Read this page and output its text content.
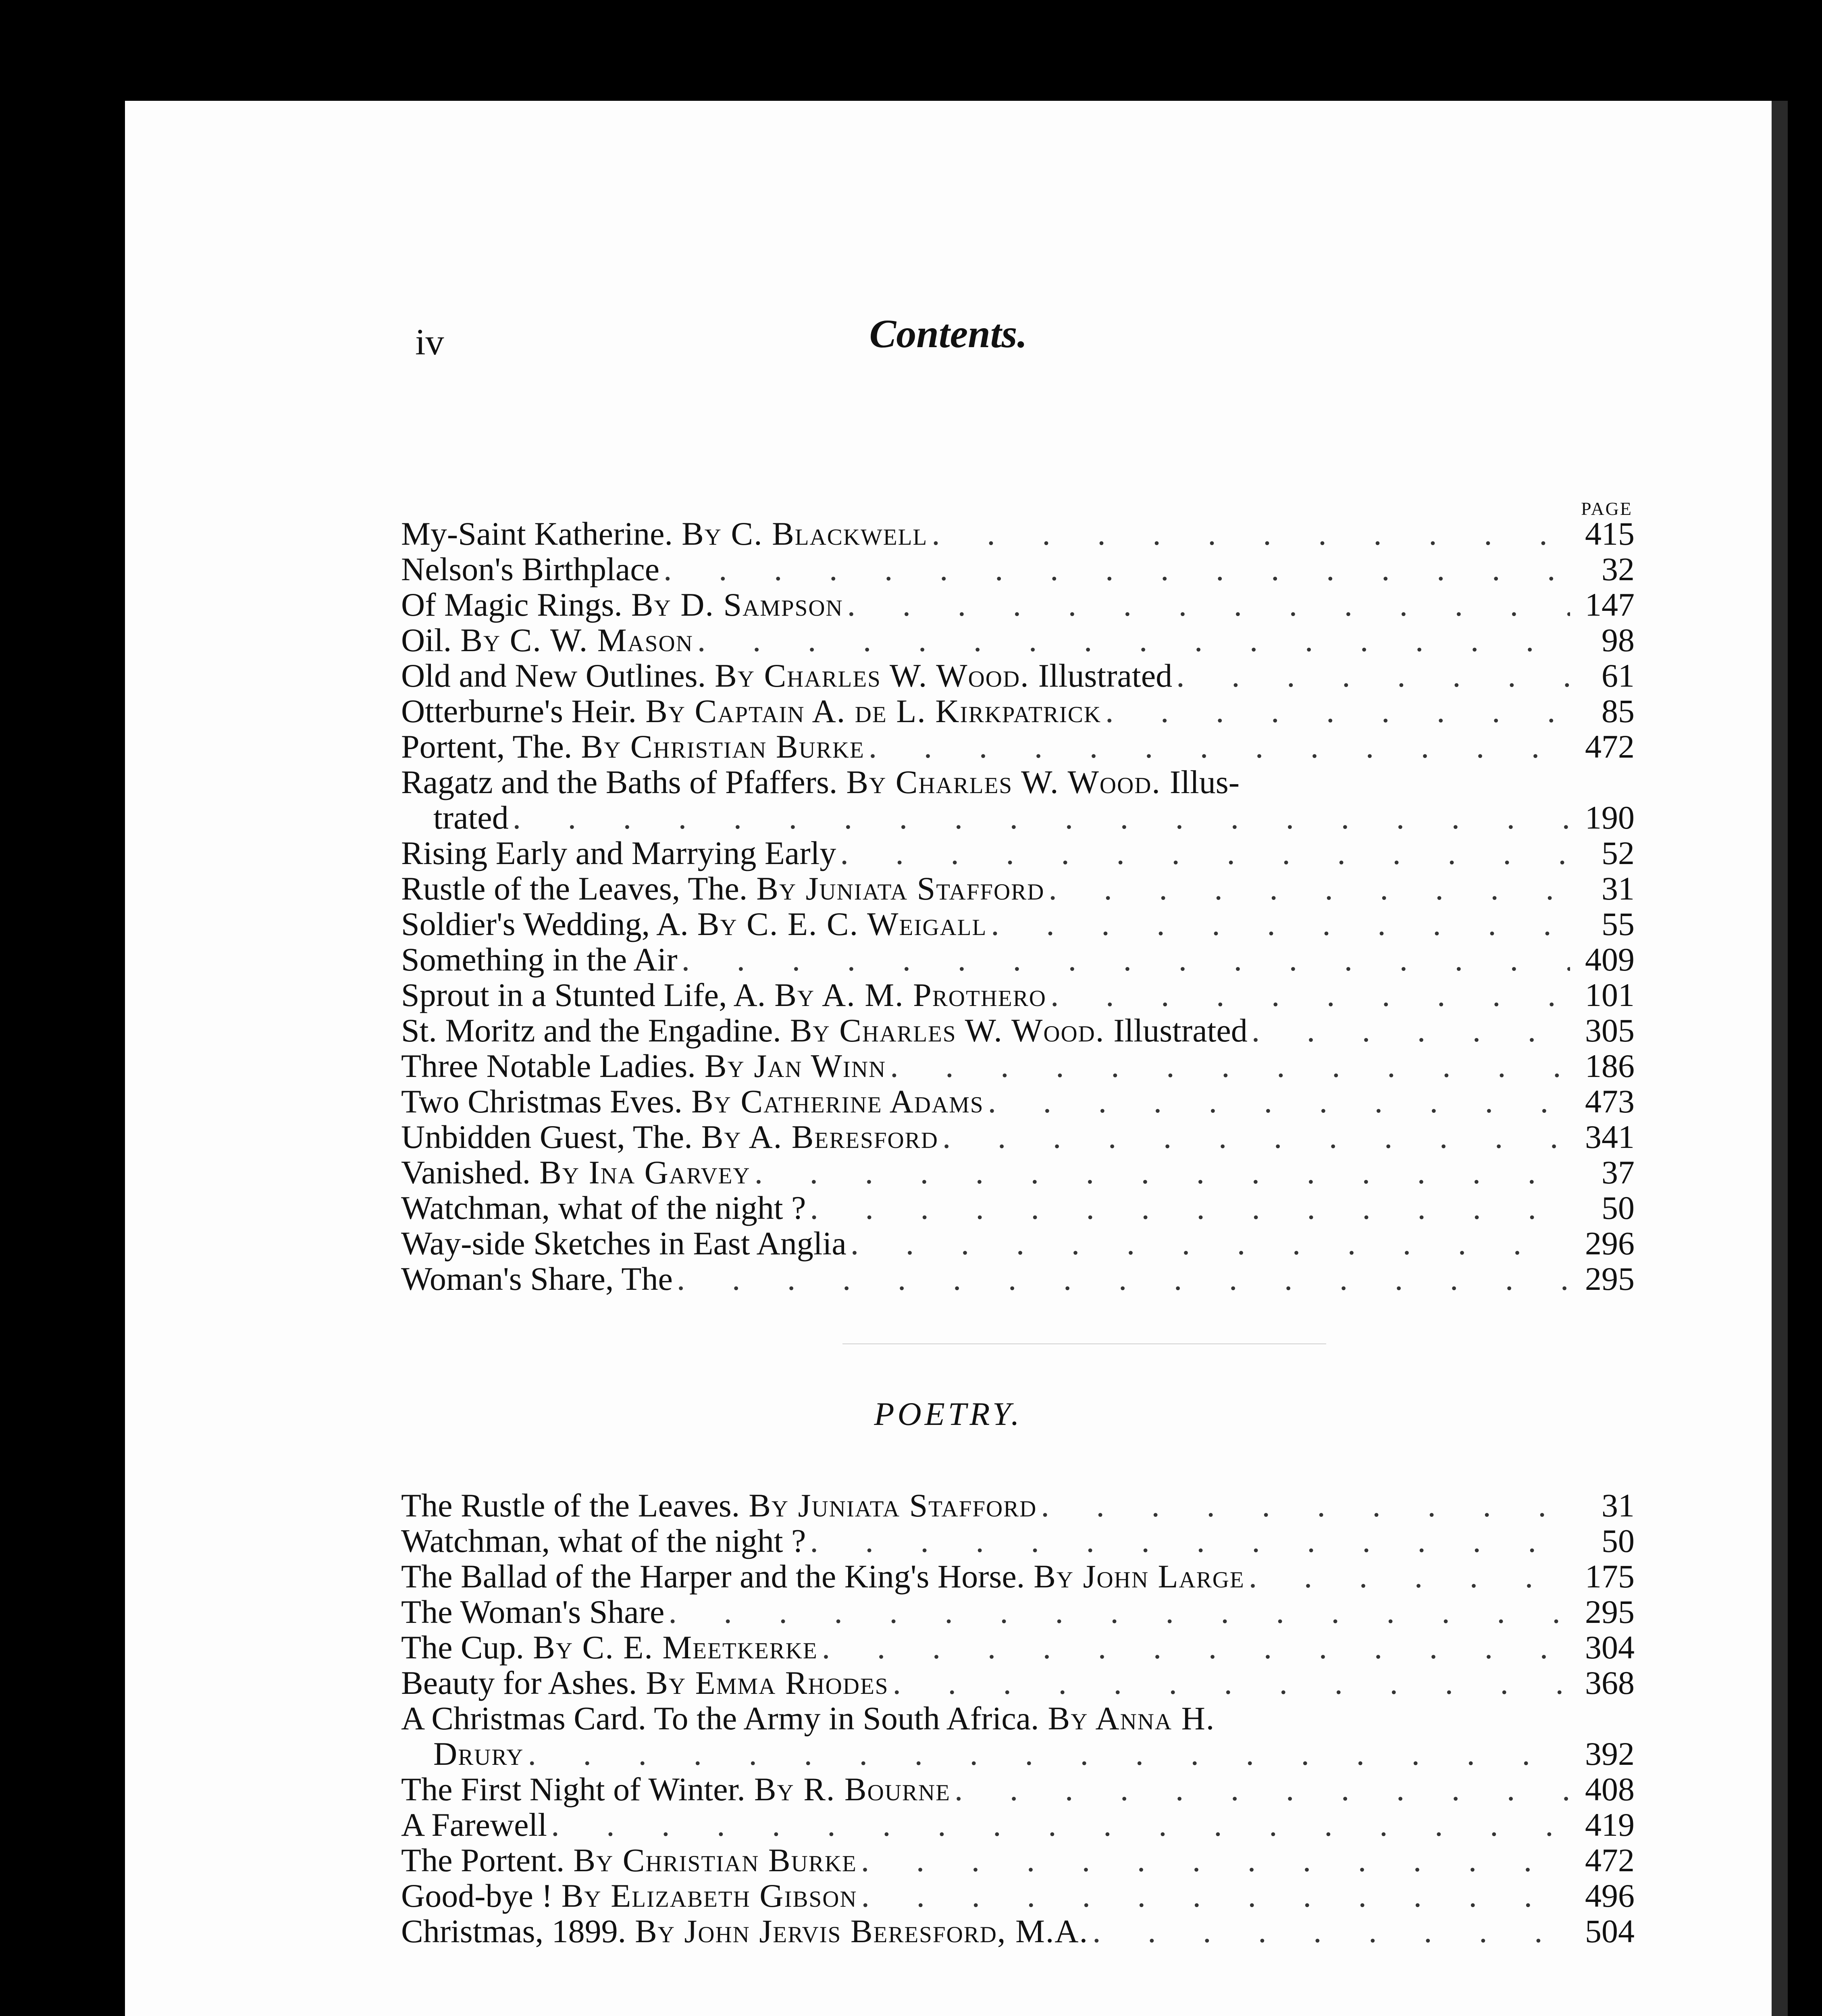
iv	Contents.
PAGE
My-Saint Katherine. By C. Blackwell . . .	415
Nelson's Birthplace . . .	32
Of Magic Rings. By D. Sampson . . .	147
Oil. By C. W. Mason . . .	98
Old and New Outlines. By Charles W. Wood. Illustrated . . .	61
Otterburne's Heir. By Captain A. de L. Kirkpatrick . . .	85
Portent, The. By Christian Burke . . .	472
Ragatz and the Baths of Pfaffers. By Charles W. Wood. Illus-
trated . . .	190
Rising Early and Marrying Early . . .	52
Rustle of the Leaves, The. By Juniata Stafford . . .	31
Soldier's Wedding, A. By C. E. C. Weigall . . .	55
Something in the Air . . .	409
Sprout in a Stunted Life, A. By A. M. Prothero . . .	101
St. Moritz and the Engadine. By Charles W. Wood. Illustrated . . .	305
Three Notable Ladies. By Jan Winn . . .	186
Two Christmas Eves. By Catherine Adams . . .	473
Unbidden Guest, The. By A. Beresford . . .	341
Vanished. By Ina Garvey . . .	37
Watchman, what of the night ? . . .	50
Way-side Sketches in East Anglia . . .	296
Woman's Share, The . . .	295
POETRY.
The Rustle of the Leaves. By Juniata Stafford . . .	31
Watchman, what of the night ? . . .	50
The Ballad of the Harper and the King's Horse. By John Large . . .	175
The Woman's Share . . .	295
The Cup. By C. E. Meetkerke . . .	304
Beauty for Ashes. By Emma Rhodes . . .	368
A Christmas Card. To the Army in South Africa. By Anna H.
Drury . . .	392
The First Night of Winter. By R. Bourne . . .	408
A Farewell . . .	419
The Portent. By Christian Burke . . .	472
Good-bye ! By Elizabeth Gibson . . .	496
Christmas, 1899. By John Jervis Beresford, M.A. . . .	504
